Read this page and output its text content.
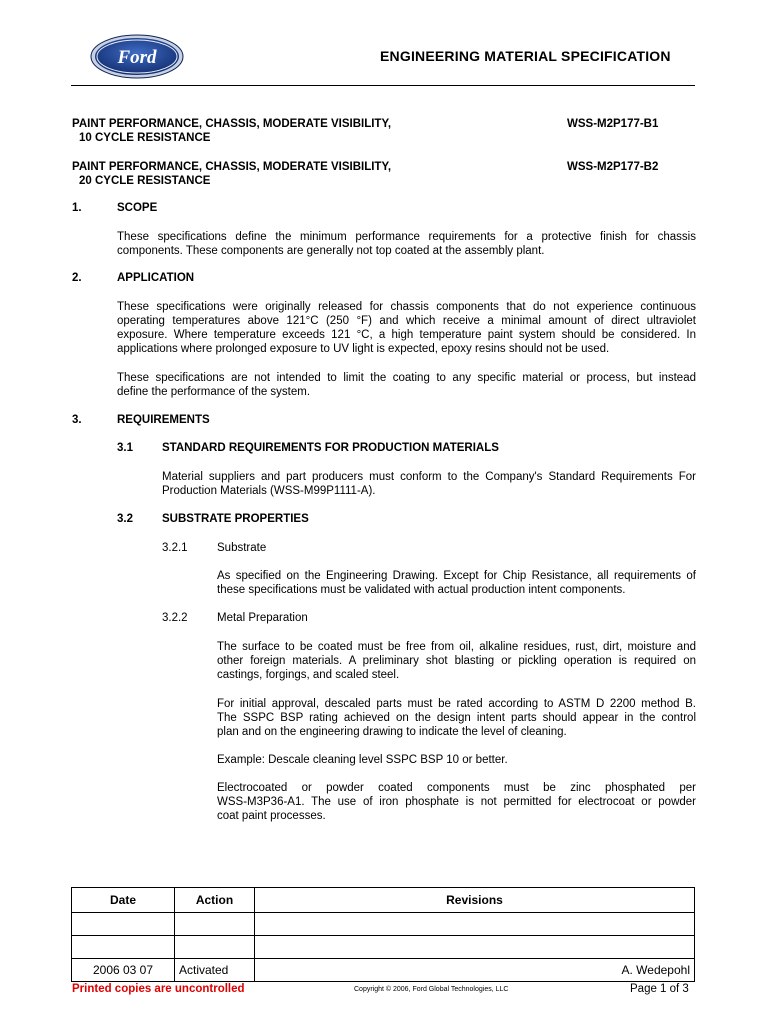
Ford	ENGINEERING MATERIAL SPECIFICATION
PAINT PERFORMANCE, CHASSIS, MODERATE VISIBILITY,
10 CYCLE RESISTANCE
WSS-M2P177-B1
PAINT PERFORMANCE, CHASSIS, MODERATE VISIBILITY,
20 CYCLE RESISTANCE
WSS-M2P177-B2
1.	SCOPE
These specifications define the minimum performance requirements for a protective finish for chassis
components. These components are generally not top coated at the assembly plant.
2.	APPLICATION
These specifications were originally released for chassis components that do not experience continuous
operating temperatures above 121°C (250 °F) and which receive a minimal amount of direct ultraviolet
exposure. Where temperature exceeds 121 °C, a high temperature paint system should be considered. In
applications where prolonged exposure to UV light is expected, epoxy resins should not be used.
These specifications are not intended to limit the coating to any specific material or process, but instead
define the performance of the system.
3.	REQUIREMENTS
3.1	STANDARD REQUIREMENTS FOR PRODUCTION MATERIALS
Material suppliers and part producers must conform to the Company's Standard Requirements For
Production Materials (WSS-M99P1111-A).
3.2	SUBSTRATE PROPERTIES
3.2.1	Substrate
As specified on the Engineering Drawing. Except for Chip Resistance, all requirements of
these specifications must be validated with actual production intent components.
3.2.2	Metal Preparation
The surface to be coated must be free from oil, alkaline residues, rust, dirt, moisture and
other foreign materials. A preliminary shot blasting or pickling operation is required on
castings, forgings, and scaled steel.
For initial approval, descaled parts must be rated according to ASTM D 2200 method B.
The SSPC BSP rating achieved on the design intent parts should appear in the control
plan and on the engineering drawing to indicate the level of cleaning.
Example: Descale cleaning level SSPC BSP 10 or better.
Electrocoated or powder coated components must be zinc phosphated per
WSS-M3P36-A1. The use of iron phosphate is not permitted for electrocoat or powder
coat paint processes.
Date	Action	Revisions

2006 03 07	Activated	A. Wedepohl
Printed copies are uncontrolled	Copyright © 2006, Ford Global Technologies, LLC	Page 1 of 3
